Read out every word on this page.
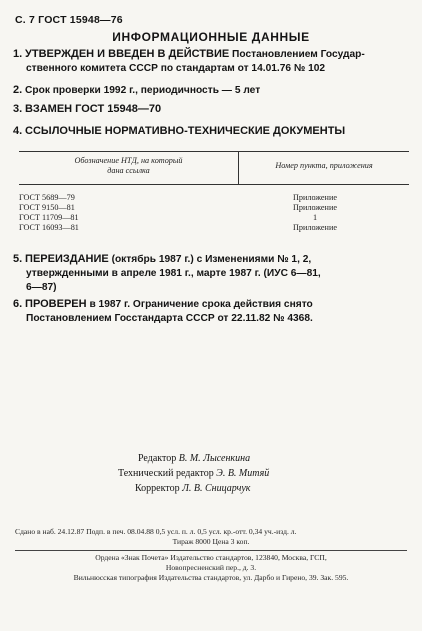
С. 7 ГОСТ 15948—76
ИНФОРМАЦИОННЫЕ ДАННЫЕ
1. УТВЕРЖДЕН И ВВЕДЕН В ДЕЙСТВИЕ Постановлением Государ-
ственного комитета СССР по стандартам от 14.01.76 № 102
2. Срок проверки 1992 г., периодичность — 5 лет
3. ВЗАМЕН ГОСТ 15948—70
4. ССЫЛОЧНЫЕ НОРМАТИВНО-ТЕХНИЧЕСКИЕ ДОКУМЕНТЫ
Обозначение НТД, на который
дана ссылка
Номер пункта, приложения
ГОСТ 5689—79
ГОСТ 9150—81
ГОСТ 11709—81
ГОСТ 16093—81
Приложение
Приложение
1
Приложение
5. ПЕРЕИЗДАНИЕ (октябрь 1987 г.) с Изменениями № 1, 2,
утвержденными в апреле 1981 г., марте 1987 г. (ИУС 6—81,
6—87)
6. ПРОВЕРЕН в 1987 г. Ограничение срока действия снято
Постановлением Госстандарта СССР от 22.11.82 № 4368.
Редактор В. М. Лысенкина
Технический редактор Э. В. Митяй
Корректор Л. В. Сницарчук
Сдано в наб. 24.12.87 Подп. в печ. 08.04.88 0,5 усл. п. л. 0,5 усл. кр.-отт. 0,34 уч.-изд. л.
Тираж 8000 Цена 3 коп.
Ордена «Знак Почета» Издательство стандартов, 123840, Москва, ГСП,
Новопресненский пер., д. 3.
Вильнюсская типография Издательства стандартов, ул. Дарбо и Гирено, 39. Зак. 595.
